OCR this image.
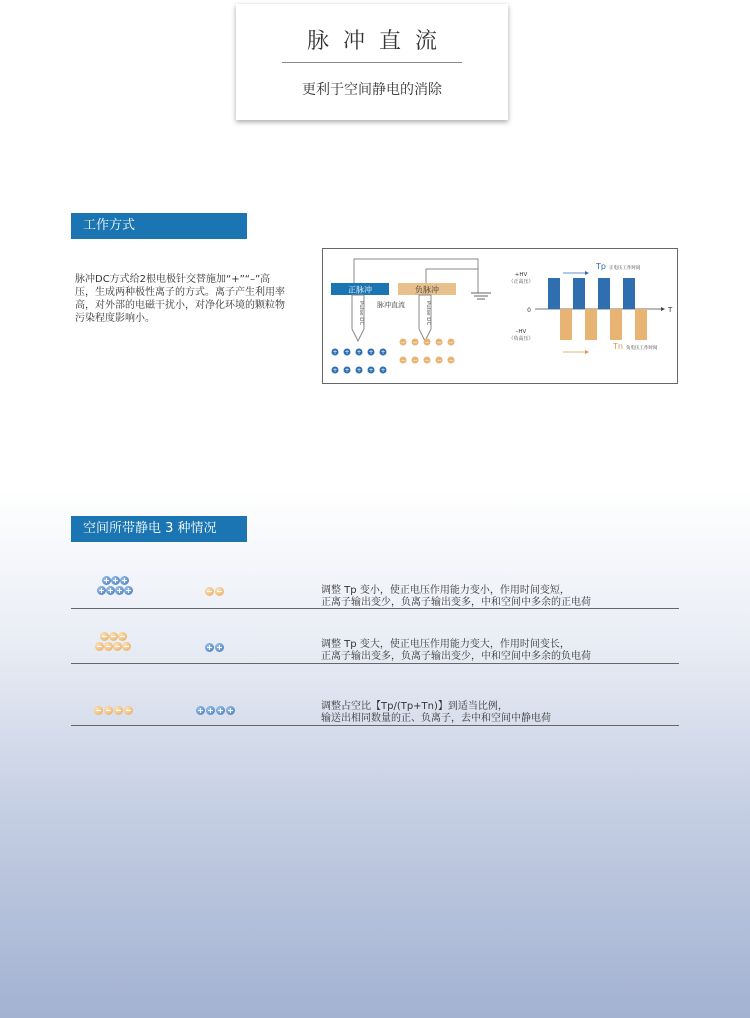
脉冲直流
更利于空间静电的消除
工作方式
脉冲DC方式给2根电极针交替施加“+”“–”高压，生成两种极性离子的方式。离子产生利用率高，对外部的电磁干扰小，对净化环境的颗粒物污染程度影响小。
正脉冲	负脉冲
脉冲直流
Pulse DC	Pulse DC
+ + + + +
+ + + + +
− − − − −
− − − − −
+HV
（正高压）
0
–HV
（负高压）
T
Tp 正电压工作时间
Tn 负电压工作时间
空间所带静电 3 种情况
+ + +
+ + + +	− −	调整 Tp 变小，使正电压作用能力变小，作用时间变短，
正离子输出变少，负离子输出变多，中和空间中多余的正电荷
− − −
− − − −	+ +	调整 Tp 变大，使正电压作用能力变大，作用时间变长，
正离子输出变多，负离子输出变少，中和空间中多余的负电荷
− − − −	+ + + +	调整占空比【Tp/(Tp+Tn)】到适当比例，
输送出相同数量的正、负离子，去中和空间中静电荷
